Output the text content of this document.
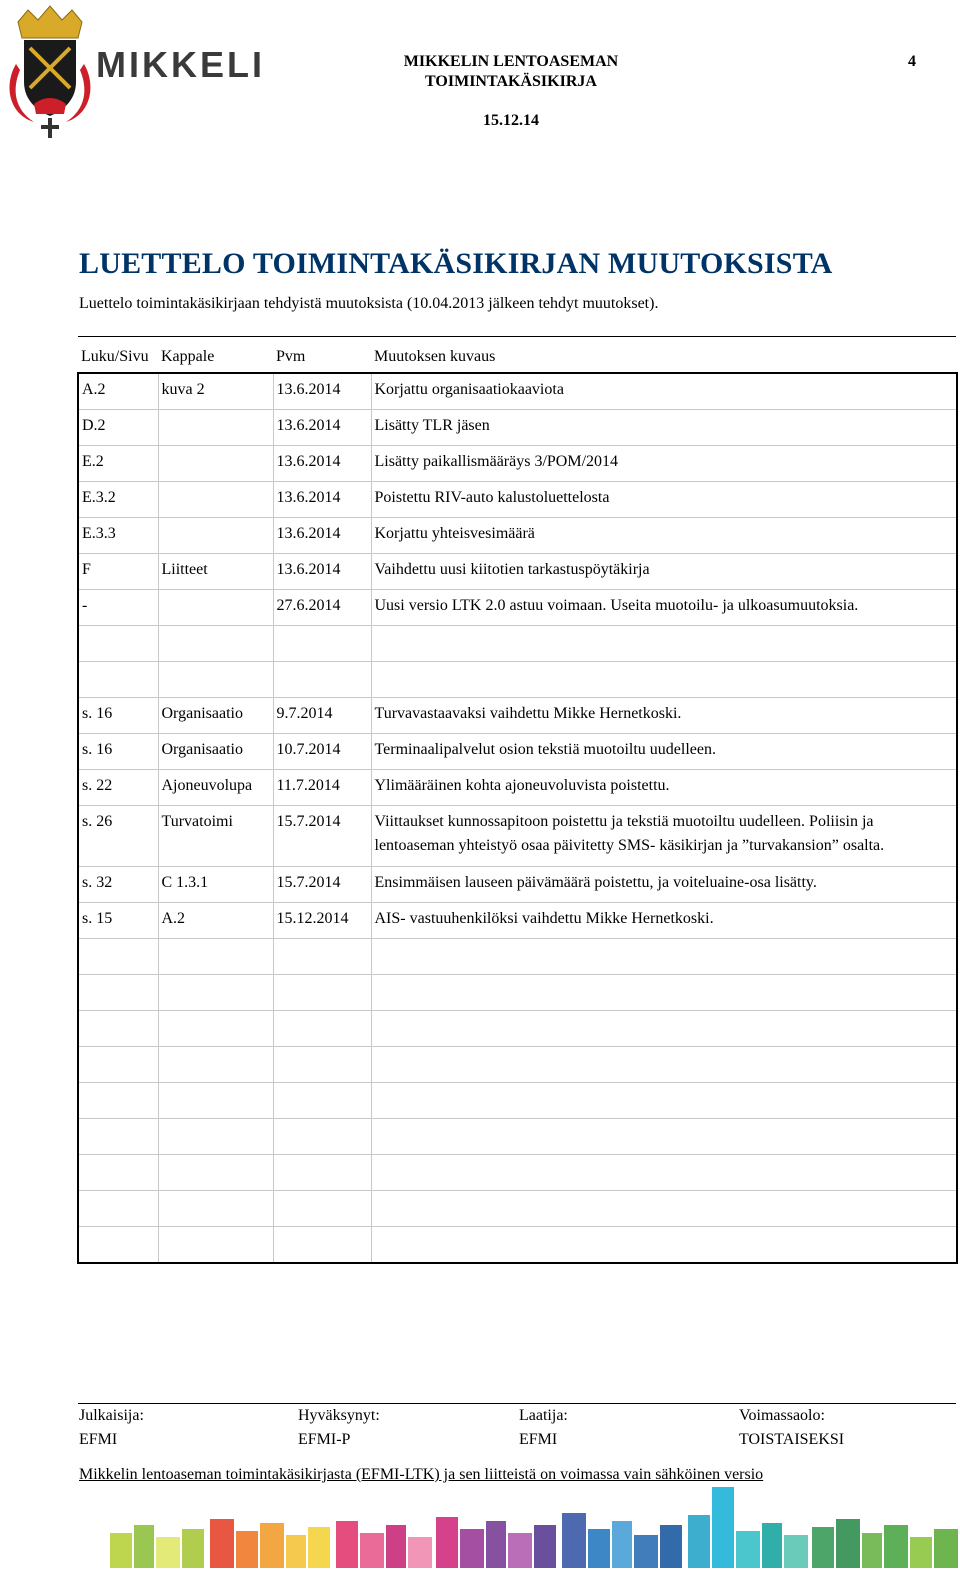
MIKKELI	MIKKELIN LENTOASEMAN
TOIMINTAKÄSIKIRJA
4
15.12.14
LUETTELO TOIMINTAKÄSIKIRJAN MUUTOKSISTA
Luettelo toimintakäsikirjaan tehdyistä muutoksista (10.04.2013 jälkeen tehdyt muutokset).
Luku/Sivu Kappale	Pvm	Muutoksen kuvaus
A.2	kuva 2	13.6.2014	Korjattu organisaatiokaaviota
D.2		13.6.2014	Lisätty TLR jäsen
E.2		13.6.2014	Lisätty paikallismääräys 3/POM/2014
E.3.2		13.6.2014	Poistettu RIV-auto kalustoluettelosta
E.3.3		13.6.2014	Korjattu yhteisvesimäärä
F	Liitteet	13.6.2014	Vaihdettu uusi kiitotien tarkastuspöytäkirja
-		27.6.2014	Uusi versio LTK 2.0 astuu voimaan. Useita muotoilu- ja ulkoasumuutoksia.

s. 16	Organisaatio	9.7.2014	Turvavastaavaksi vaihdettu Mikke Hernetkoski.
s. 16	Organisaatio	10.7.2014	Terminaalipalvelut osion tekstiä muotoiltu uudelleen.
s. 22	Ajoneuvolupa	11.7.2014	Ylimääräinen kohta ajoneuvoluvista poistettu.
s. 26	Turvatoimi	15.7.2014	Viittaukset kunnossapitoon poistettu ja tekstiä muotoiltu uudelleen. Poliisin ja lentoaseman yhteistyö osaa päivitetty SMS- käsikirjan ja ”turvakansion” osalta.
s. 32	C 1.3.1	15.7.2014	Ensimmäisen lauseen päivämäärä poistettu, ja voiteluaine-osa lisätty.
s. 15	A.2	15.12.2014	AIS- vastuuhenkilöksi vaihdettu Mikke Hernetkoski.

Julkaisija:	Hyväksynyt:	Laatija:	Voimassaolo:
EFMI	EFMI-P	EFMI	TOISTAISEKSI
Mikkelin lentoaseman toimintakäsikirjasta (EFMI-LTK) ja sen liitteistä on voimassa vain sähköinen versio
